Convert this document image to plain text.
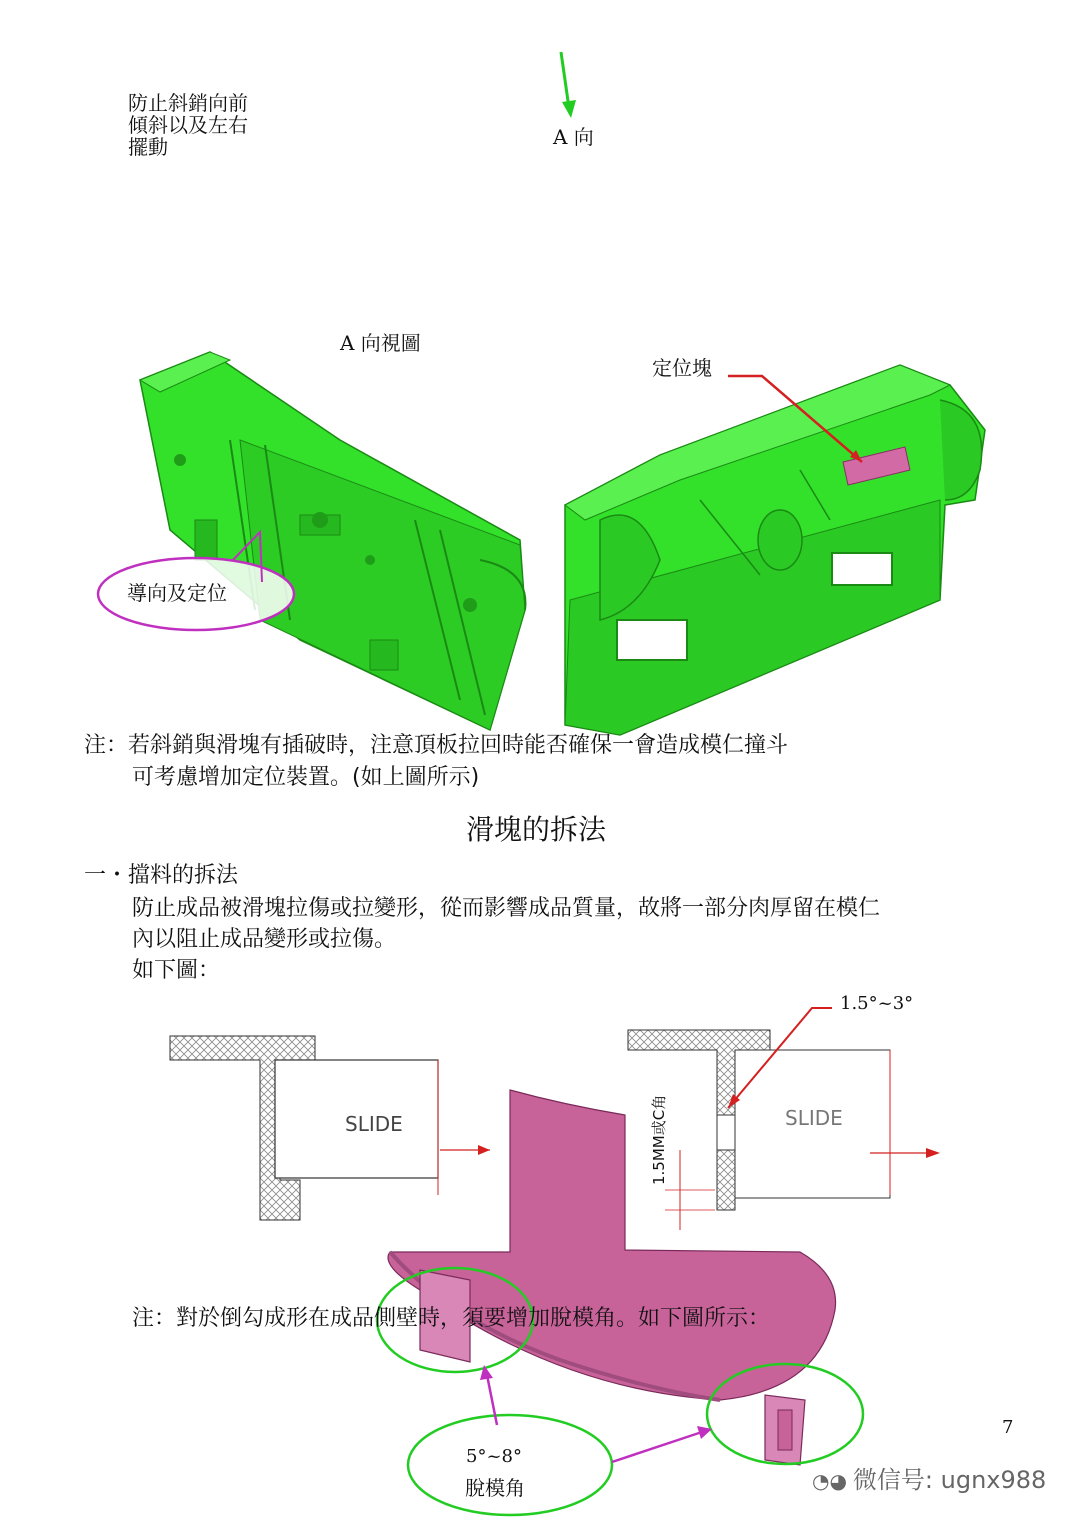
防止斜銷向前
傾斜以及左右
擺動	A 向
A 向視圖
定位塊
導向及定位
注：若斜銷與滑塊有插破時，注意頂板拉回時能否確保一會造成模仁撞斗
可考慮增加定位裝置。(如上圖所示)
滑塊的拆法
一・擋料的拆法
防止成品被滑塊拉傷或拉變形，從而影響成品質量，故將一部分肉厚留在模仁
內以阻止成品變形或拉傷。
如下圖：
SLIDE	SLIDE
1.5°~3°
1.5MM或C角
注：對於倒勾成形在成品側壁時，須要增加脫模角。如下圖所示：
5°~8°
脫模角
7
◔◕ 微信号: ugnx988
